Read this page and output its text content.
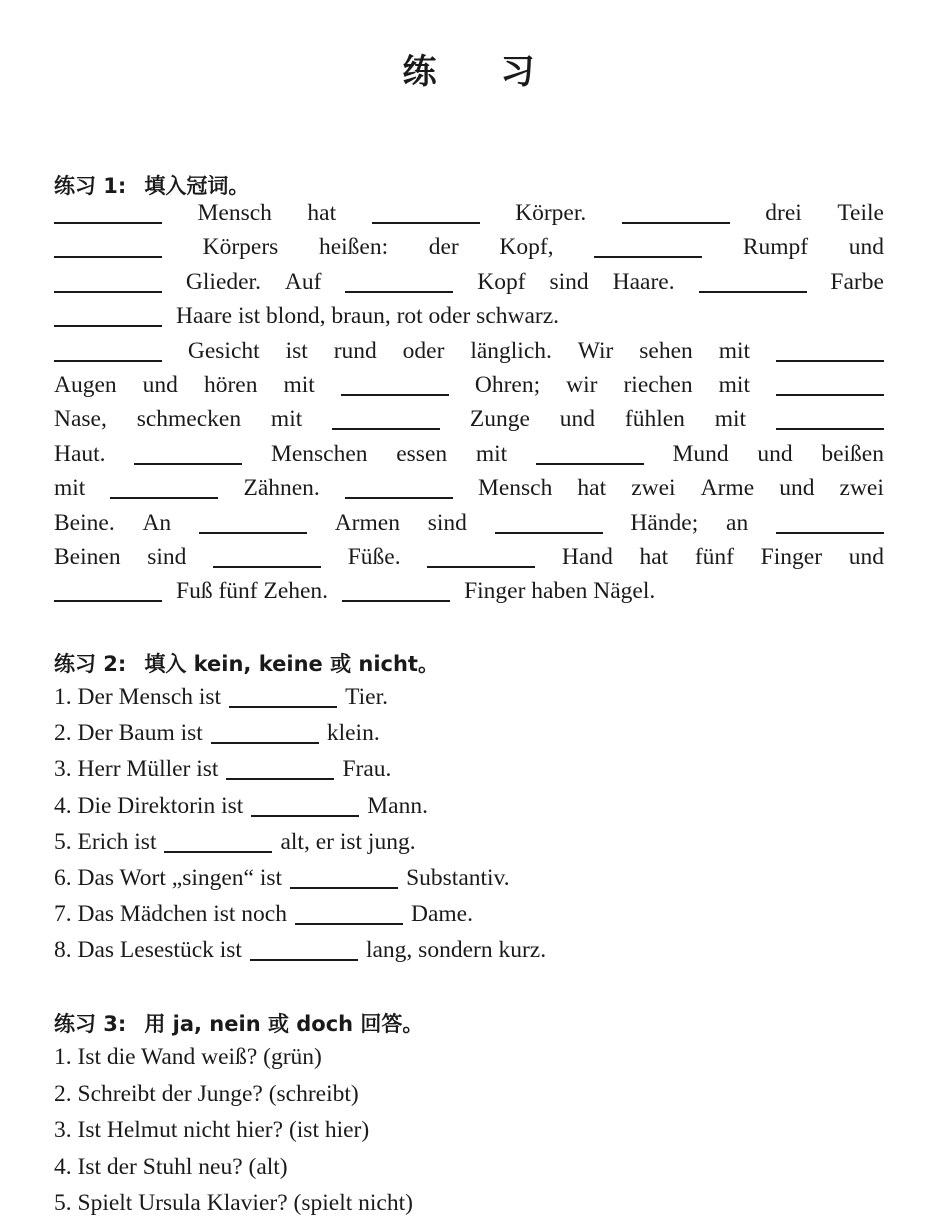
练 习
练习 1: 填入冠词。
Mensch hat	Körper.	drei Teile
Körpers heißen: der Kopf,	Rumpf und
Glieder. Auf	Kopf sind Haare.	Farbe
Haare ist blond, braun, rot oder schwarz.
Gesicht ist rund oder länglich. Wir sehen mit
Augen und hören mit	Ohren; wir riechen mit
Nase, schmecken mit	Zunge und fühlen mit
Haut.	Menschen essen mit	Mund und beißen
mit	Zähnen.	Mensch hat zwei Arme und zwei
Beine. An	Armen sind	Hände; an
Beinen sind	Füße.	Hand hat fünf Finger und
Fuß fünf Zehen.	Finger haben Nägel.
练习 2: 填入 kein, keine 或 nicht。
1. Der Mensch ist	Tier.
2. Der Baum ist	klein.
3. Herr Müller ist	Frau.
4. Die Direktorin ist	Mann.
5. Erich ist	alt, er ist jung.
6. Das Wort „singen“ ist	Substantiv.
7. Das Mädchen ist noch	Dame.
8. Das Lesestück ist	lang, sondern kurz.
练习 3: 用 ja, nein 或 doch 回答。
1. Ist die Wand weiß? (grün)
2. Schreibt der Junge? (schreibt)
3. Ist Helmut nicht hier? (ist hier)
4. Ist der Stuhl neu? (alt)
5. Spielt Ursula Klavier? (spielt nicht)
